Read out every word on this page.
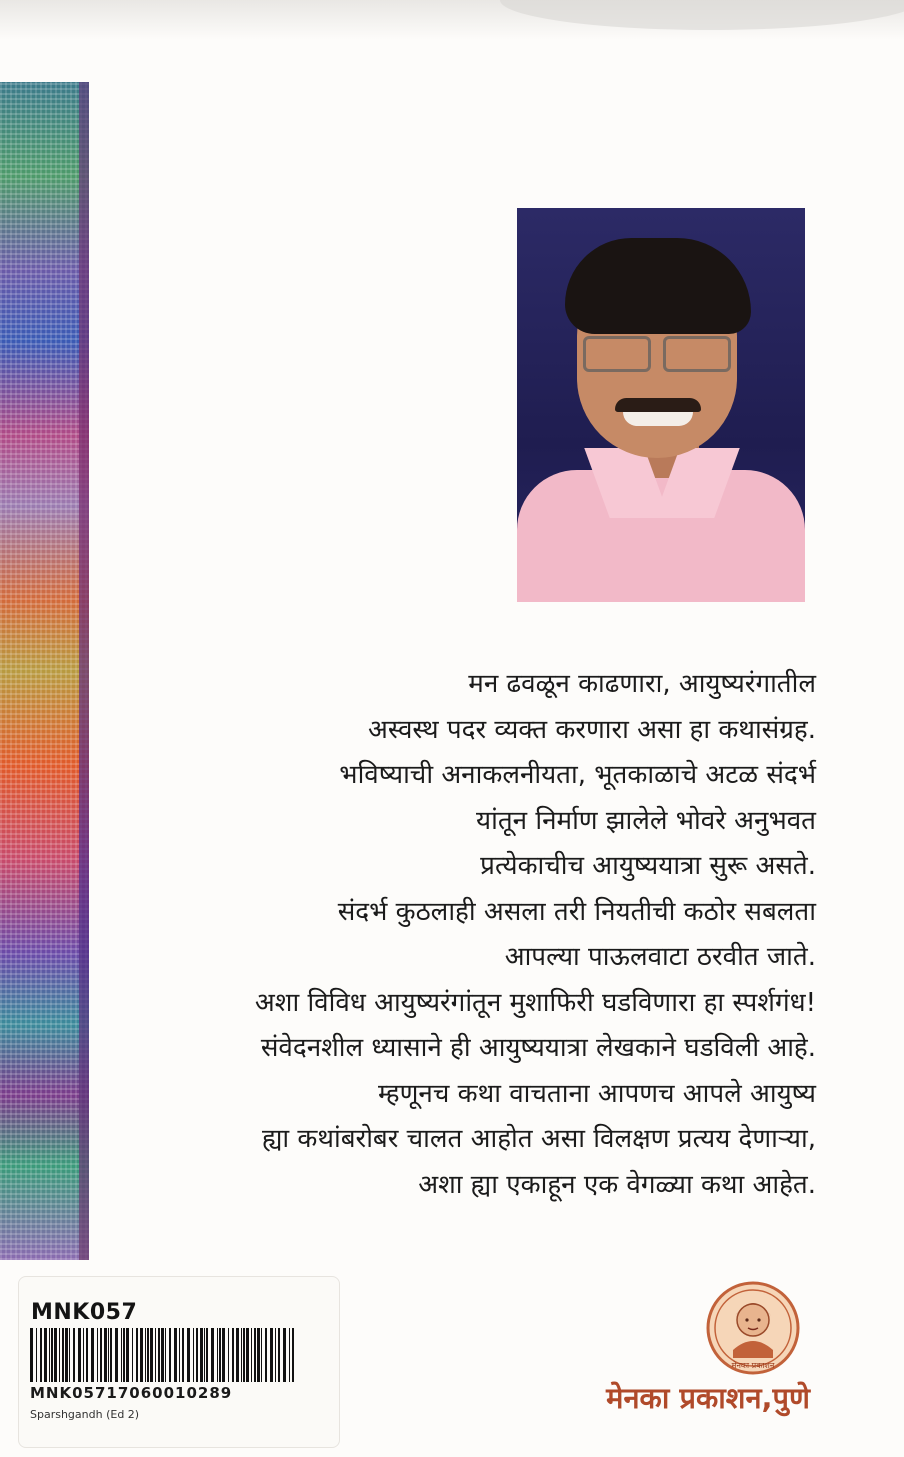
मन ढवळून काढणारा, आयुष्यरंगातील
अस्वस्थ पदर व्यक्त करणारा असा हा कथासंग्रह.
भविष्याची अनाकलनीयता, भूतकाळाचे अटळ संदर्भ
यांतून निर्माण झालेले भोवरे अनुभवत
प्रत्येकाचीच आयुष्ययात्रा सुरू असते.
संदर्भ कुठलाही असला तरी नियतीची कठोर सबलता
आपल्या पाऊलवाटा ठरवीत जाते.
अशा विविध आयुष्यरंगांतून मुशाफिरी घडविणारा हा स्पर्शगंध!
संवेदनशील ध्यासाने ही आयुष्ययात्रा लेखकाने घडविली आहे.
म्हणूनच कथा वाचताना आपणच आपले आयुष्य
ह्या कथांबरोबर चालत आहोत असा विलक्षण प्रत्यय देणाऱ्या,
अशा ह्या एकाहून एक वेगळ्या कथा आहेत.
MNK057
MNK05717060010289
Sparshgandh (Ed 2)
मेनका प्रकाशन
मेनका प्रकाशन,पुणे
